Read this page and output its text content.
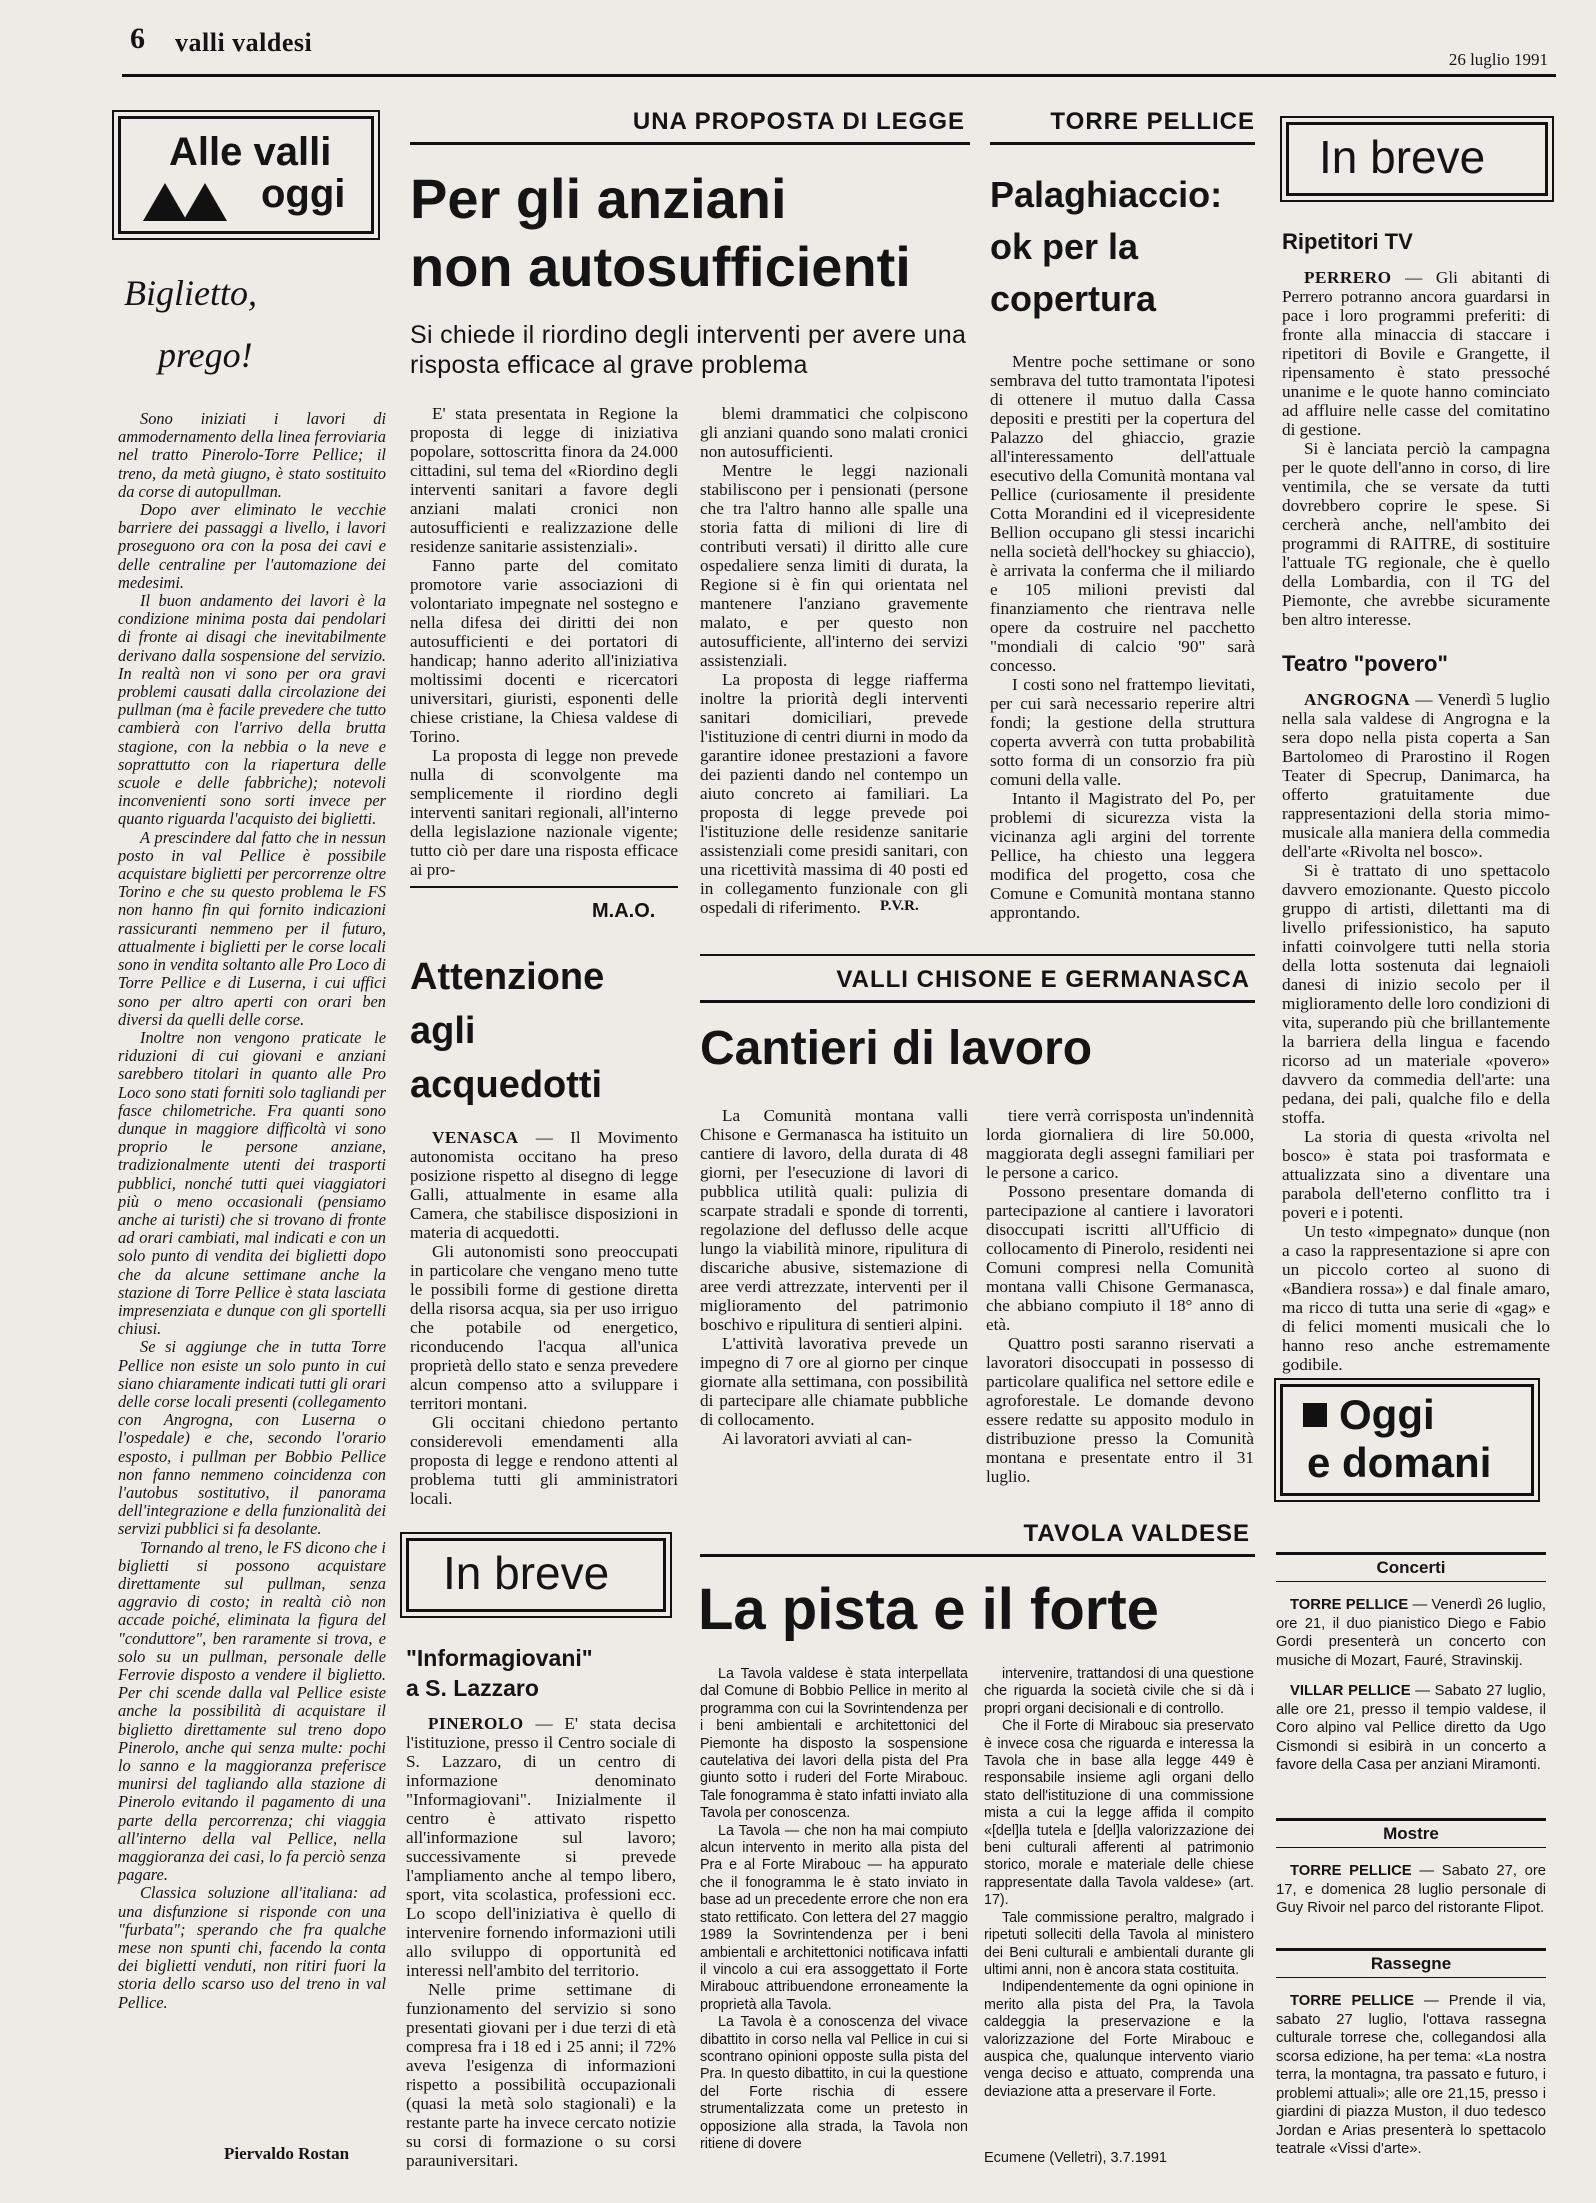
6 valli valdesi
26 luglio 1991
Alle valli
oggi
Biglietto,
prego!

Sono iniziati i lavori di ammodernamento della linea ferroviaria nel tratto Pinerolo-Torre Pellice; il treno, da metà giugno, è stato sostituito da corse di autopullman.

Dopo aver eliminato le vecchie barriere dei passaggi a livello, i lavori proseguono ora con la posa dei cavi e delle centraline per l'automazione dei medesimi.

Il buon andamento dei lavori è la condizione minima posta dai pendolari di fronte ai disagi che inevitabilmente derivano dalla sospensione del servizio. In realtà non vi sono per ora gravi problemi causati dalla circolazione dei pullman (ma è facile prevedere che tutto cambierà con l'arrivo della brutta stagione, con la nebbia o la neve e soprattutto con la riapertura delle scuole e delle fabbriche); notevoli inconvenienti sono sorti invece per quanto riguarda l'acquisto dei biglietti.

A prescindere dal fatto che in nessun posto in val Pellice è possibile acquistare biglietti per percorrenze oltre Torino e che su questo problema le FS non hanno fin qui fornito indicazioni rassicuranti nemmeno per il futuro, attualmente i biglietti per le corse locali sono in vendita soltanto alle Pro Loco di Torre Pellice e di Luserna, i cui uffici sono per altro aperti con orari ben diversi da quelli delle corse.

Inoltre non vengono praticate le riduzioni di cui giovani e anziani sarebbero titolari in quanto alle Pro Loco sono stati forniti solo tagliandi per fasce chilometriche. Fra quanti sono dunque in maggiore difficoltà vi sono proprio le persone anziane, tradizionalmente utenti dei trasporti pubblici, nonché tutti quei viaggiatori più o meno occasionali (pensiamo anche ai turisti) che si trovano di fronte ad orari cambiati, mal indicati e con un solo punto di vendita dei biglietti dopo che da alcune settimane anche la stazione di Torre Pellice è stata lasciata impresenziata e dunque con gli sportelli chiusi.

Se si aggiunge che in tutta Torre Pellice non esiste un solo punto in cui siano chiaramente indicati tutti gli orari delle corse locali presenti (collegamento con Angrogna, con Luserna o l'ospedale) e che, secondo l'orario esposto, i pullman per Bobbio Pellice non fanno nemmeno coincidenza con l'autobus sostitutivo, il panorama dell'integrazione e della funzionalità dei servizi pubblici si fa desolante.

Tornando al treno, le FS dicono che i biglietti si possono acquistare direttamente sul pullman, senza aggravio di costo; in realtà ciò non accade poiché, eliminata la figura del "conduttore", ben raramente si trova, e solo su un pullman, personale delle Ferrovie disposto a vendere il biglietto. Per chi scende dalla val Pellice esiste anche la possibilità di acquistare il biglietto direttamente sul treno dopo Pinerolo, anche qui senza multe: pochi lo sanno e la maggioranza preferisce munirsi del tagliando alla stazione di Pinerolo evitando il pagamento di una parte della percorrenza; chi viaggia all'interno della val Pellice, nella maggioranza dei casi, lo fa perciò senza pagare.

Classica soluzione all'italiana: ad una disfunzione si risponde con una "furbata"; sperando che fra qualche mese non spunti chi, facendo la conta dei biglietti venduti, non ritiri fuori la storia dello scarso uso del treno in val Pellice.

Piervaldo Rostan
UNA PROPOSTA DI LEGGE
Per gli anziani
non autosufficienti
Si chiede il riordino degli interventi per avere una risposta efficace al grave problema

E' stata presentata in Regione la proposta di legge di iniziativa popolare, sottoscritta finora da 24.000 cittadini, sul tema del «Riordino degli interventi sanitari a favore degli anziani malati cronici non autosufficienti e realizzazione delle residenze sanitarie assistenziali».

Fanno parte del comitato promotore varie associazioni di volontariato impegnate nel sostegno e nella difesa dei diritti dei non autosufficienti e dei portatori di handicap; hanno aderito all'iniziativa moltissimi docenti e ricercatori universitari, giuristi, esponenti delle chiese cristiane, la Chiesa valdese di Torino.

La proposta di legge non prevede nulla di sconvolgente ma semplicemente il riordino degli interventi sanitari regionali, all'interno della legislazione nazionale vigente; tutto ciò per dare una risposta efficace ai pro-

blemi drammatici che colpiscono gli anziani quando sono malati cronici non autosufficienti.

Mentre le leggi nazionali stabiliscono per i pensionati (persone che tra l'altro hanno alle spalle una storia fatta di milioni di lire di contributi versati) il diritto alle cure ospedaliere senza limiti di durata, la Regione si è fin qui orientata nel mantenere l'anziano gravemente malato, e per questo non autosufficiente, all'interno dei servizi assistenziali.

La proposta di legge riafferma inoltre la priorità degli interventi sanitari domiciliari, prevede l'istituzione di centri diurni in modo da garantire idonee prestazioni a favore dei pazienti dando nel contempo un aiuto concreto ai familiari. La proposta di legge prevede poi l'istituzione delle residenze sanitarie assistenziali come presidi sanitari, con una ricettività massima di 40 posti ed in collegamento funzionale con gli ospedali di riferimento.

M.A.O.
TORRE PELLICE
Palaghiaccio:
ok per la
copertura

Mentre poche settimane or sono sembrava del tutto tramontata l'ipotesi di ottenere il mutuo dalla Cassa depositi e prestiti per la copertura del Palazzo del ghiaccio, grazie all'interessamento dell'attuale esecutivo della Comunità montana val Pellice (curiosamente il presidente Cotta Morandini ed il vicepresidente Bellion occupano gli stessi incarichi nella società dell'hockey su ghiaccio), è arrivata la conferma che il miliardo e 105 milioni previsti dal finanziamento che rientrava nelle opere da costruire nel pacchetto "mondiali di calcio '90" sarà concesso.

I costi sono nel frattempo lievitati, per cui sarà necessario reperire altri fondi; la gestione della struttura coperta avverrà con tutta probabilità sotto forma di un consorzio fra più comuni della valle.

Intanto il Magistrato del Po, per problemi di sicurezza vista la vicinanza agli argini del torrente Pellice, ha chiesto una leggera modifica del progetto, cosa che Comune e Comunità montana stanno approntando.

P.V.R.
In breve
Ripetitori TV

PERRERO — Gli abitanti di Perrero potranno ancora guardarsi in pace i loro programmi preferiti: di fronte alla minaccia di staccare i ripetitori di Bovile e Grangette, il ripensamento è stato pressoché unanime e le quote hanno cominciato ad affluire nelle casse del comitatino di gestione.

Si è lanciata perciò la campagna per le quote dell'anno in corso, di lire ventimila, che se versate da tutti dovrebbero coprire le spese. Si cercherà anche, nell'ambito dei programmi di RAITRE, di sostituire l'attuale TG regionale, che è quello della Lombardia, con il TG del Piemonte, che avrebbe sicuramente ben altro interesse.

Teatro "povero"

ANGROGNA — Venerdì 5 luglio nella sala valdese di Angrogna e la sera dopo nella pista coperta a San Bartolomeo di Prarostino il Rogen Teater di Specrup, Danimarca, ha offerto gratuitamente due rappresentazioni della storia mimo-musicale alla maniera della commedia dell'arte «Rivolta nel bosco».

Si è trattato di uno spettacolo davvero emozionante. Questo piccolo gruppo di artisti, dilettanti ma di livello prifessionistico, ha saputo infatti coinvolgere tutti nella storia della lotta sostenuta dai legnaioli danesi di inizio secolo per il miglioramento delle loro condizioni di vita, superando più che brillantemente la barriera della lingua e facendo ricorso ad un materiale «povero» davvero da commedia dell'arte: una pedana, dei pali, qualche filo e della stoffa.

La storia di questa «rivolta nel bosco» è stata poi trasformata e attualizzata sino a diventare una parabola dell'eterno conflitto tra i poveri e i potenti.

Un testo «impegnato» dunque (non a caso la rappresentazione si apre con un piccolo corteo al suono di «Bandiera rossa») e dal finale amaro, ma ricco di tutta una serie di «gag» e di felici momenti musicali che lo hanno reso anche estremamente godibile.

Attenzione
agli
acquedotti

VENASCA — Il Movimento autonomista occitano ha preso posizione rispetto al disegno di legge Galli, attualmente in esame alla Camera, che stabilisce disposizioni in materia di acquedotti.

Gli autonomisti sono preoccupati in particolare che vengano meno tutte le possibili forme di gestione diretta della risorsa acqua, sia per uso irriguo che potabile od energetico, riconducendo l'acqua all'unica proprietà dello stato e senza prevedere alcun compenso atto a sviluppare i territori montani.

Gli occitani chiedono pertanto considerevoli emendamenti alla proposta di legge e rendono attenti al problema tutti gli amministratori locali.

VALLI CHISONE E GERMANASCA
Cantieri di lavoro

La Comunità montana valli Chisone e Germanasca ha istituito un cantiere di lavoro, della durata di 48 giorni, per l'esecuzione di lavori di pubblica utilità quali: pulizia di scarpate stradali e sponde di torrenti, regolazione del deflusso delle acque lungo la viabilità minore, ripulitura di discariche abusive, sistemazione di aree verdi attrezzate, interventi per il miglioramento del patrimonio boschivo e ripulitura di sentieri alpini.

L'attività lavorativa prevede un impegno di 7 ore al giorno per cinque giornate alla settimana, con possibilità di partecipare alle chiamate pubbliche di collocamento.

Ai lavoratori avviati al can-

tiere verrà corrisposta un'indennità lorda giornaliera di lire 50.000, maggiorata degli assegni familiari per le persone a carico.

Possono presentare domanda di partecipazione al cantiere i lavoratori disoccupati iscritti all'Ufficio di collocamento di Pinerolo, residenti nei Comuni compresi nella Comunità montana valli Chisone Germanasca, che abbiano compiuto il 18° anno di età.

Quattro posti saranno riservati a lavoratori disoccupati in possesso di particolare qualifica nel settore edile e agroforestale. Le domande devono essere redatte su apposito modulo in distribuzione presso la Comunità montana e presentate entro il 31 luglio.

In breve
"Informagiovani"
a S. Lazzaro

PINEROLO — E' stata decisa l'istituzione, presso il Centro sociale di S. Lazzaro, di un centro di informazione denominato "Informagiovani". Inizialmente il centro è attivato rispetto all'informazione sul lavoro; successivamente si prevede l'ampliamento anche al tempo libero, sport, vita scolastica, professioni ecc. Lo scopo dell'iniziativa è quello di intervenire fornendo informazioni utili allo sviluppo di opportunità ed interessi nell'ambito del territorio.

Nelle prime settimane di funzionamento del servizio si sono presentati giovani per i due terzi di età compresa fra i 18 ed i 25 anni; il 72% aveva l'esigenza di informazioni rispetto a possibilità occupazionali (quasi la metà solo stagionali) e la restante parte ha invece cercato notizie su corsi di formazione o su corsi parauniversitari.

TAVOLA VALDESE
La pista e il forte

La Tavola valdese è stata interpellata dal Comune di Bobbio Pellice in merito al programma con cui la Sovrintendenza per i beni ambientali e architettonici del Piemonte ha disposto la sospensione cautelativa dei lavori della pista del Pra giunto sotto i ruderi del Forte Mirabouc. Tale fonogramma è stato infatti inviato alla Tavola per conoscenza.

La Tavola — che non ha mai compiuto alcun intervento in merito alla pista del Pra e al Forte Mirabouc — ha appurato che il fonogramma le è stato inviato in base ad un precedente errore che non era stato rettificato. Con lettera del 27 maggio 1989 la Sovrintendenza per i beni ambientali e architettonici notificava infatti il vincolo a cui era assoggettato il Forte Mirabouc attribuendone erroneamente la proprietà alla Tavola.

La Tavola è a conoscenza del vivace dibattito in corso nella val Pellice in cui si scontrano opinioni opposte sulla pista del Pra. In questo dibattito, in cui la questione del Forte rischia di essere strumentalizzata come un pretesto in opposizione alla strada, la Tavola non ritiene di dovere

intervenire, trattandosi di una questione che riguarda la società civile che si dà i propri organi decisionali e di controllo.

Che il Forte di Mirabouc sia preservato è invece cosa che riguarda e interessa la Tavola che in base alla legge 449 è responsabile insieme agli organi dello stato dell'istituzione di una commissione mista a cui la legge affida il compito «[del]la tutela e [del]la valorizzazione dei beni culturali afferenti al patrimonio storico, morale e materiale delle chiese rappresentate dalla Tavola valdese» (art. 17).

Tale commissione peraltro, malgrado i ripetuti solleciti della Tavola al ministero dei Beni culturali e ambientali durante gli ultimi anni, non è ancora stata costituita.

Indipendentemente da ogni opinione in merito alla pista del Pra, la Tavola caldeggia la preservazione e la valorizzazione del Forte Mirabouc e auspica che, qualunque intervento viario venga deciso e attuato, comprenda una deviazione atta a preservare il Forte.

Ecumene (Velletri), 3.7.1991
Oggi
e domani
Concerti

TORRE PELLICE — Venerdì 26 luglio, ore 21, il duo pianistico Diego e Fabio Gordi presenterà un concerto con musiche di Mozart, Fauré, Stravinskij.

VILLAR PELLICE — Sabato 27 luglio, alle ore 21, presso il tempio valdese, il Coro alpino val Pellice diretto da Ugo Cismondi si esibirà in un concerto a favore della Casa per anziani Miramonti.

Mostre

TORRE PELLICE — Sabato 27, ore 17, e domenica 28 luglio personale di Guy Rivoir nel parco del ristorante Flipot.

Rassegne

TORRE PELLICE — Prende il via, sabato 27 luglio, l'ottava rassegna culturale torrese che, collegandosi alla scorsa edizione, ha per tema: «La nostra terra, la montagna, tra passato e futuro, i problemi attuali»; alle ore 21,15, presso i giardini di piazza Muston, il duo tedesco Jordan e Arias presenterà lo spettacolo teatrale «Vissi d'arte».
